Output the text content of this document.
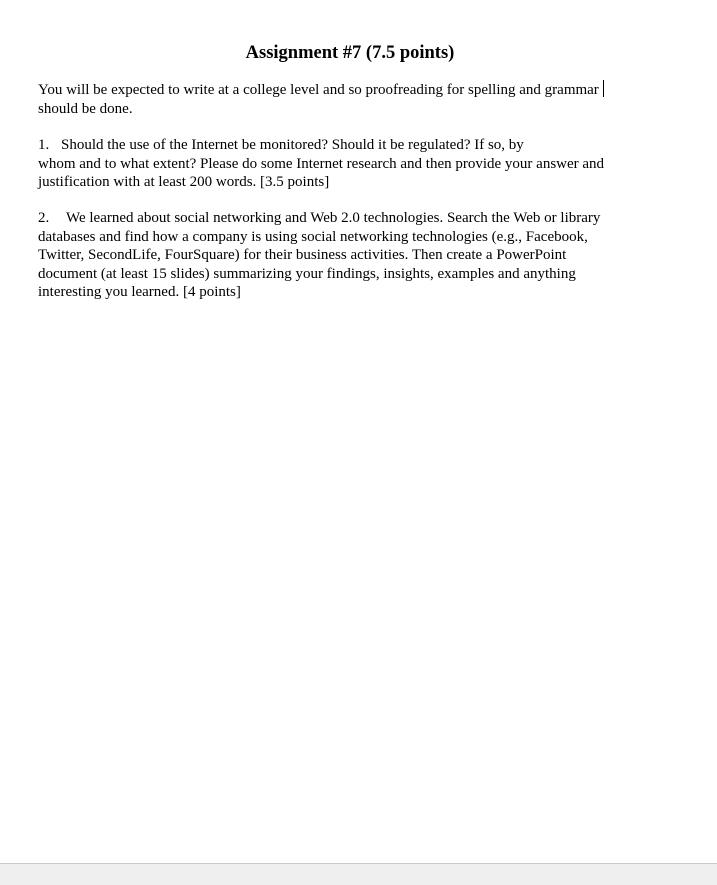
Assignment #7 (7.5 points)

You will be expected to write at a college level and so proofreading for spelling and grammar
should be done.

1. Should the use of the Internet be monitored? Should it be regulated? If so, by
whom and to what extent? Please do some Internet research and then provide your answer and
justification with at least 200 words. [3.5 points]

2. We learned about social networking and Web 2.0 technologies. Search the Web or library
databases and find how a company is using social networking technologies (e.g., Facebook,
Twitter, SecondLife, FourSquare) for their business activities. Then create a PowerPoint
document (at least 15 slides) summarizing your findings, insights, examples and anything
interesting you learned. [4 points]
